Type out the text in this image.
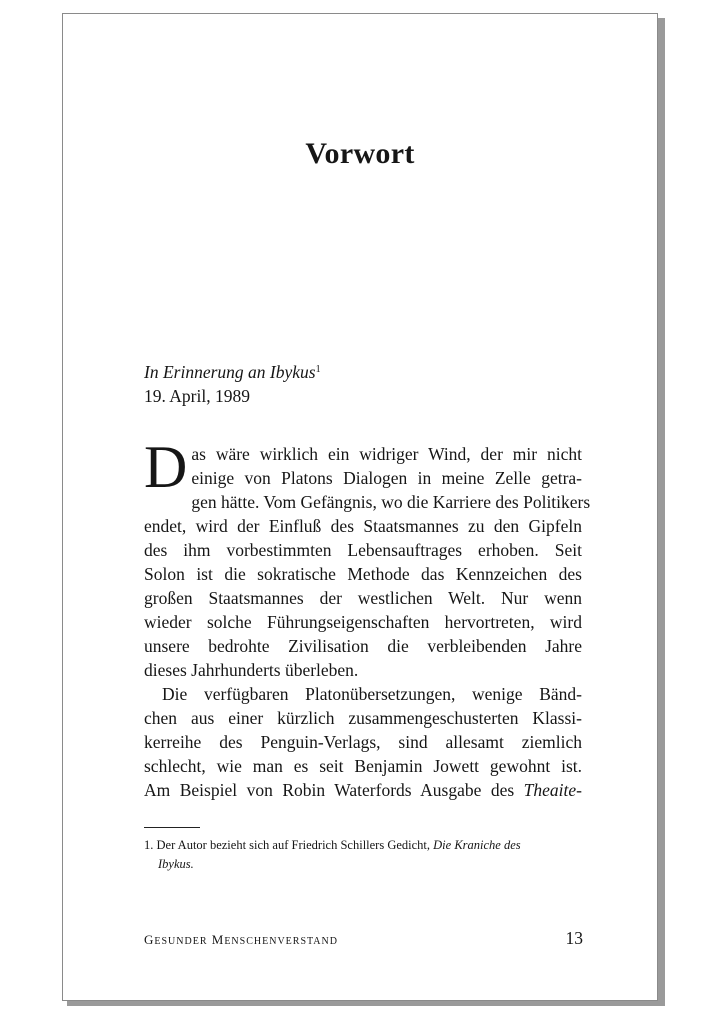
Vorwort
In Erinnerung an Ibykus$^1$
19. April, 1989
D as wäre wirklich ein widriger Wind, der mir nicht
einige von Platons Dialogen in meine Zelle getra-
gen hätte. Vom Gefängnis, wo die Karriere des Politikers
endet, wird der Einfluß des Staatsmannes zu den Gipfeln
des ihm vorbestimmten Lebensauftrages erhoben. Seit
Solon ist die sokratische Methode das Kennzeichen des
großen Staatsmannes der westlichen Welt. Nur wenn
wieder solche Führungseigenschaften hervortreten, wird
unsere bedrohte Zivilisation die verbleibenden Jahre
dieses Jahrhunderts überleben.
Die verfügbaren Platonübersetzungen, wenige Bänd-
chen aus einer kürzlich zusammengeschusterten Klassi-
kerreihe des Penguin-Verlags, sind allesamt ziemlich
schlecht, wie man es seit Benjamin Jowett gewohnt ist.
Am Beispiel von Robin Waterfords Ausgabe des Theaite-
1. Der Autor bezieht sich auf Friedrich Schillers Gedicht, Die Kraniche des
Ibykus.
GESUNDER MENSCHENVERSTAND	13
